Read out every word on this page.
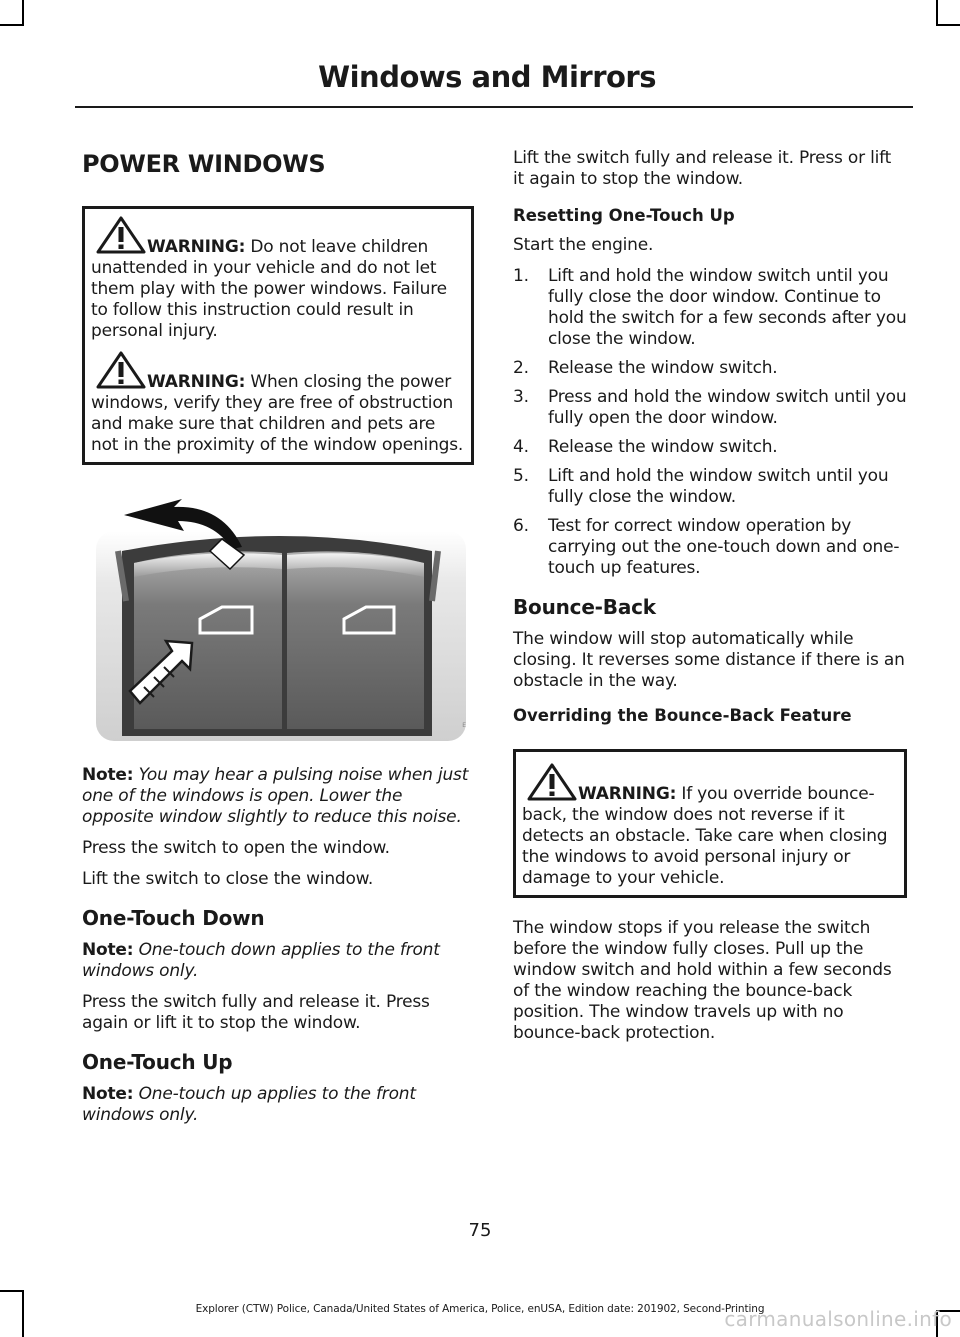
Windows and Mirrors
POWER WINDOWS
WARNING: Do not leave children unattended in your vehicle and do not let them play with the power windows. Failure to follow this instruction could result in personal injury.
WARNING: When closing the power windows, verify they are free of obstruction and make sure that children and pets are not in the proximity of the window openings.
E

Note: You may hear a pulsing noise when just one of the windows is open. Lower the opposite window slightly to reduce this noise.

Press the switch to open the window.

Lift the switch to close the window.

One-Touch Down

Note: One-touch down applies to the front windows only.

Press the switch fully and release it. Press again or lift it to stop the window.

One-Touch Up

Note: One-touch up applies to the front windows only.

Lift the switch fully and release it. Press or lift it again to stop the window.

Resetting One-Touch Up

Start the engine.

1. Lift and hold the window switch until you fully close the door window. Continue to hold the switch for a few seconds after you close the window.
2. Release the window switch.
3. Press and hold the window switch until you fully open the door window.
4. Release the window switch.
5. Lift and hold the window switch until you fully close the window.
6. Test for correct window operation by carrying out the one-touch down and one-touch up features.
Bounce-Back

The window will stop automatically while closing. It reverses some distance if there is an obstacle in the way.

Overriding the Bounce-Back Feature
WARNING: If you override bounce-back, the window does not reverse if it detects an obstacle. Take care when closing the windows to avoid personal injury or damage to your vehicle.

The window stops if you release the switch before the window fully closes. Pull up the window switch and hold within a few seconds of the window reaching the bounce-back position. The window travels up with no bounce-back protection.

75
Explorer (CTW) Police, Canada/United States of America, Police, enUSA, Edition date: 201902, Second-Printing
carmanualsonline.info
